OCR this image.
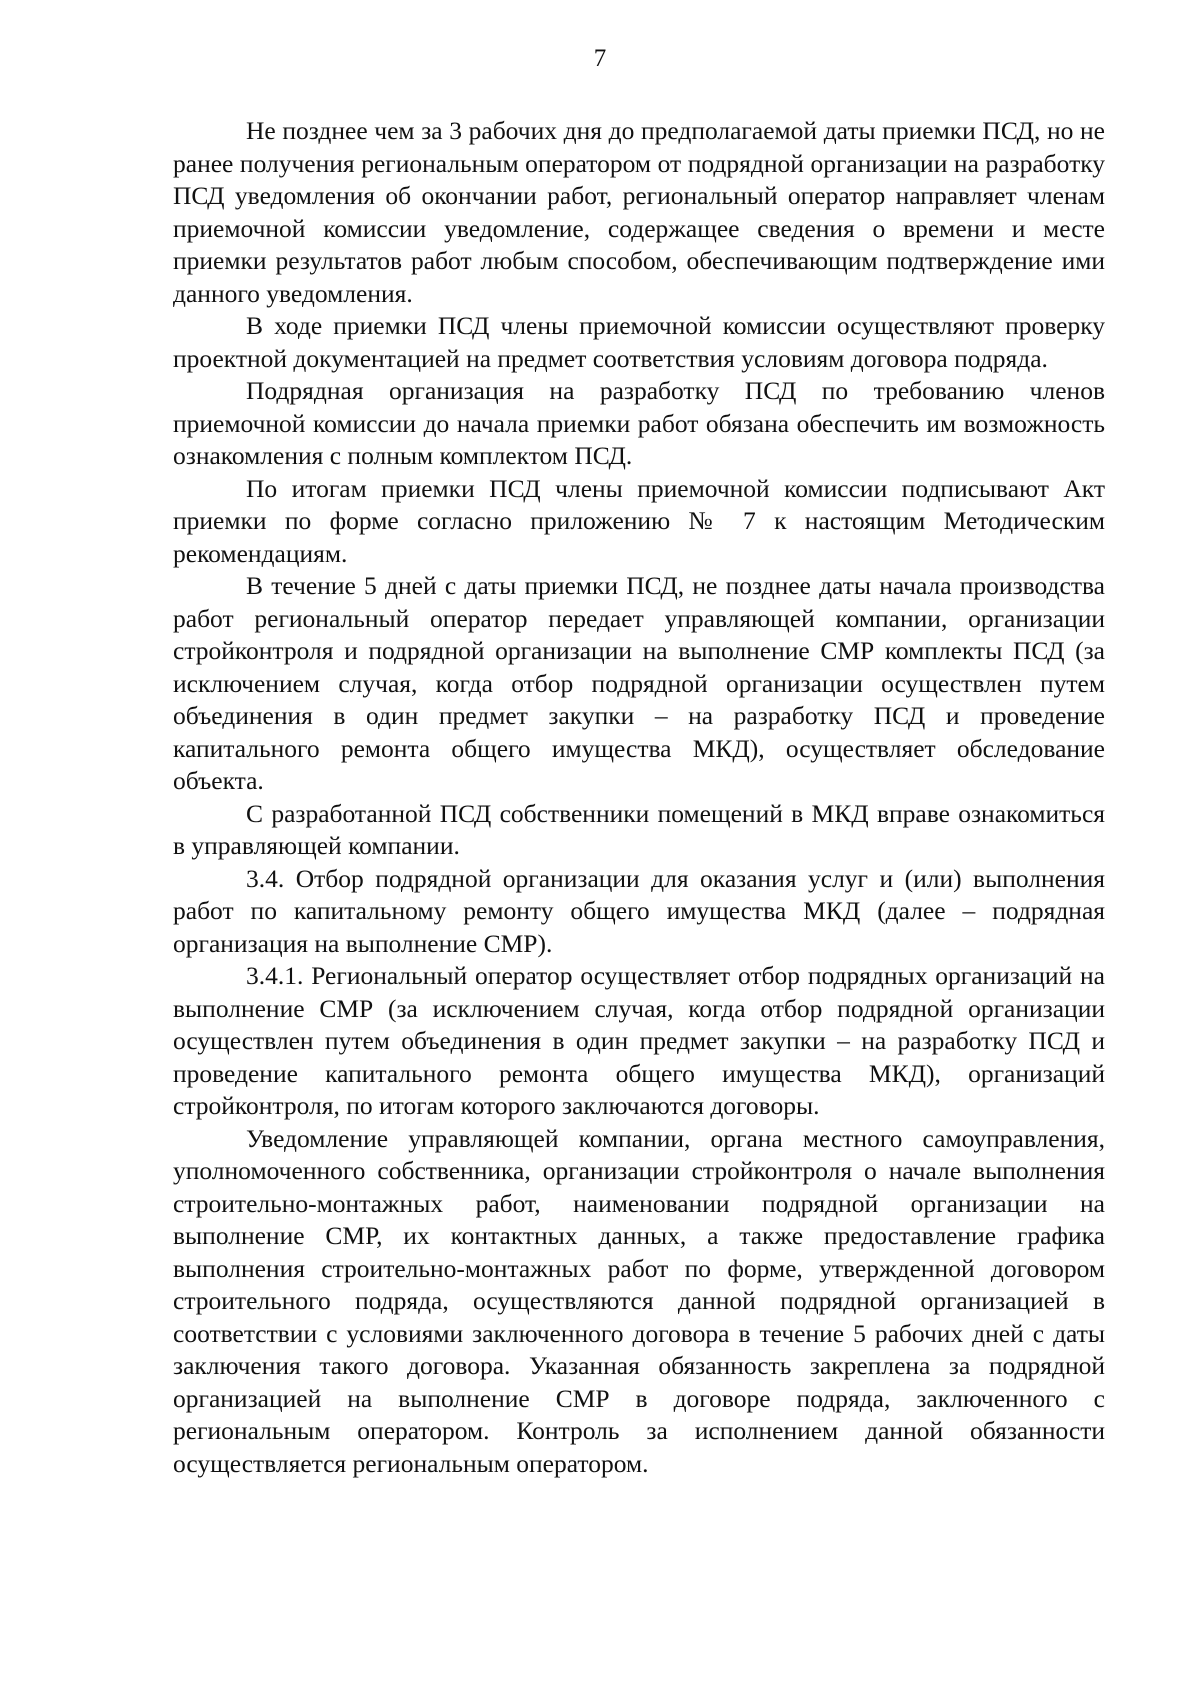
7

Не позднее чем за 3 рабочих дня до предполагаемой даты приемки ПСД, но не ранее получения региональным оператором от подрядной организации на разработку ПСД уведомления об окончании работ, региональный оператор направляет членам приемочной комиссии уведомление, содержащее сведения о времени и месте приемки результатов работ любым способом, обеспечивающим подтверждение ими данного уведомления.

В ходе приемки ПСД члены приемочной комиссии осуществляют проверку проектной документацией на предмет соответствия условиям договора подряда.

Подрядная организация на разработку ПСД по требованию членов приемочной комиссии до начала приемки работ обязана обеспечить им возможность ознакомления с полным комплектом ПСД.

По итогам приемки ПСД члены приемочной комиссии подписывают Акт приемки по форме согласно приложению № 7 к настоящим Методическим рекомендациям.

В течение 5 дней с даты приемки ПСД, не позднее даты начала производства работ региональный оператор передает управляющей компании, организации стройконтроля и подрядной организации на выполнение СМР комплекты ПСД (за исключением случая, когда отбор подрядной организации осуществлен путем объединения в один предмет закупки – на разработку ПСД и проведение капитального ремонта общего имущества МКД), осуществляет обследование объекта.

С разработанной ПСД собственники помещений в МКД вправе ознакомиться в управляющей компании.

3.4. Отбор подрядной организации для оказания услуг и (или) выполнения работ по капитальному ремонту общего имущества МКД (далее – подрядная организация на выполнение СМР).

3.4.1. Региональный оператор осуществляет отбор подрядных организаций на выполнение СМР (за исключением случая, когда отбор подрядной организации осуществлен путем объединения в один предмет закупки – на разработку ПСД и проведение капитального ремонта общего имущества МКД), организаций стройконтроля, по итогам которого заключаются договоры.

Уведомление управляющей компании, органа местного самоуправления, уполномоченного собственника, организации стройконтроля о начале выполнения строительно-монтажных работ, наименовании подрядной организации на выполнение СМР, их контактных данных, а также предоставление графика выполнения строительно-монтажных работ по форме, утвержденной договором строительного подряда, осуществляются данной подрядной организацией в соответствии с условиями заключенного договора в течение 5 рабочих дней с даты заключения такого договора. Указанная обязанность закреплена за подрядной организацией на выполнение СМР в договоре подряда, заключенного с региональным оператором. Контроль за исполнением данной обязанности осуществляется региональным оператором.
